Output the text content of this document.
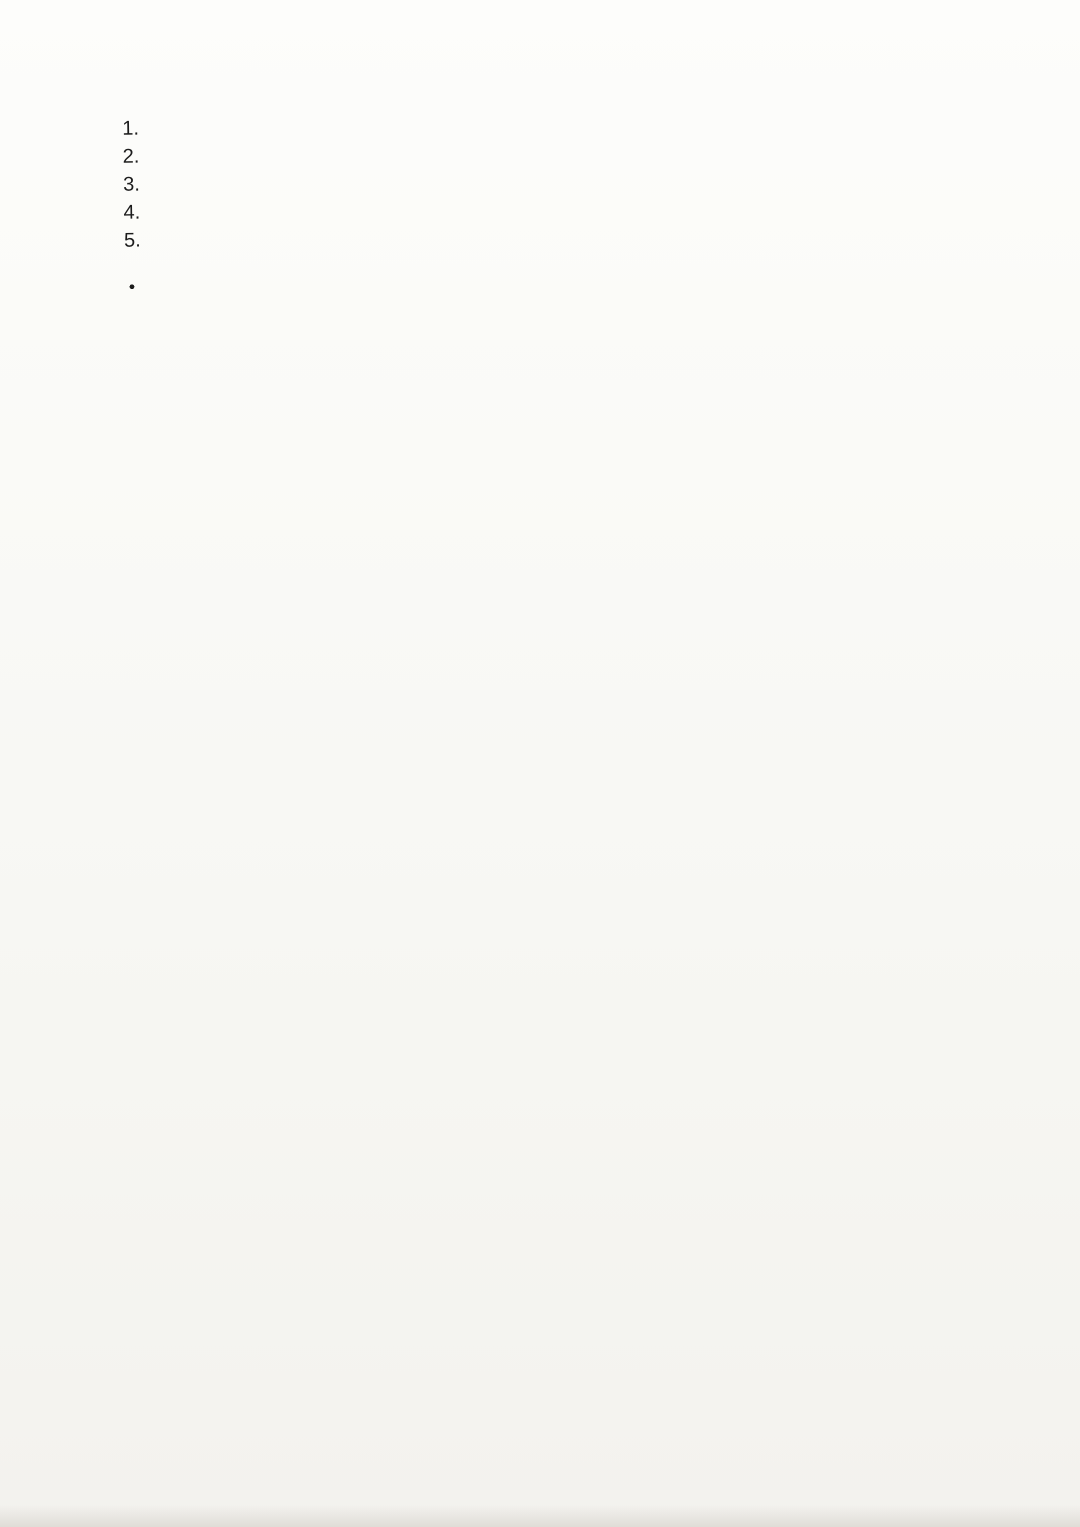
1.
2.
3.
4.
5.

●
●
●
●
●
●
●
●
●
●
